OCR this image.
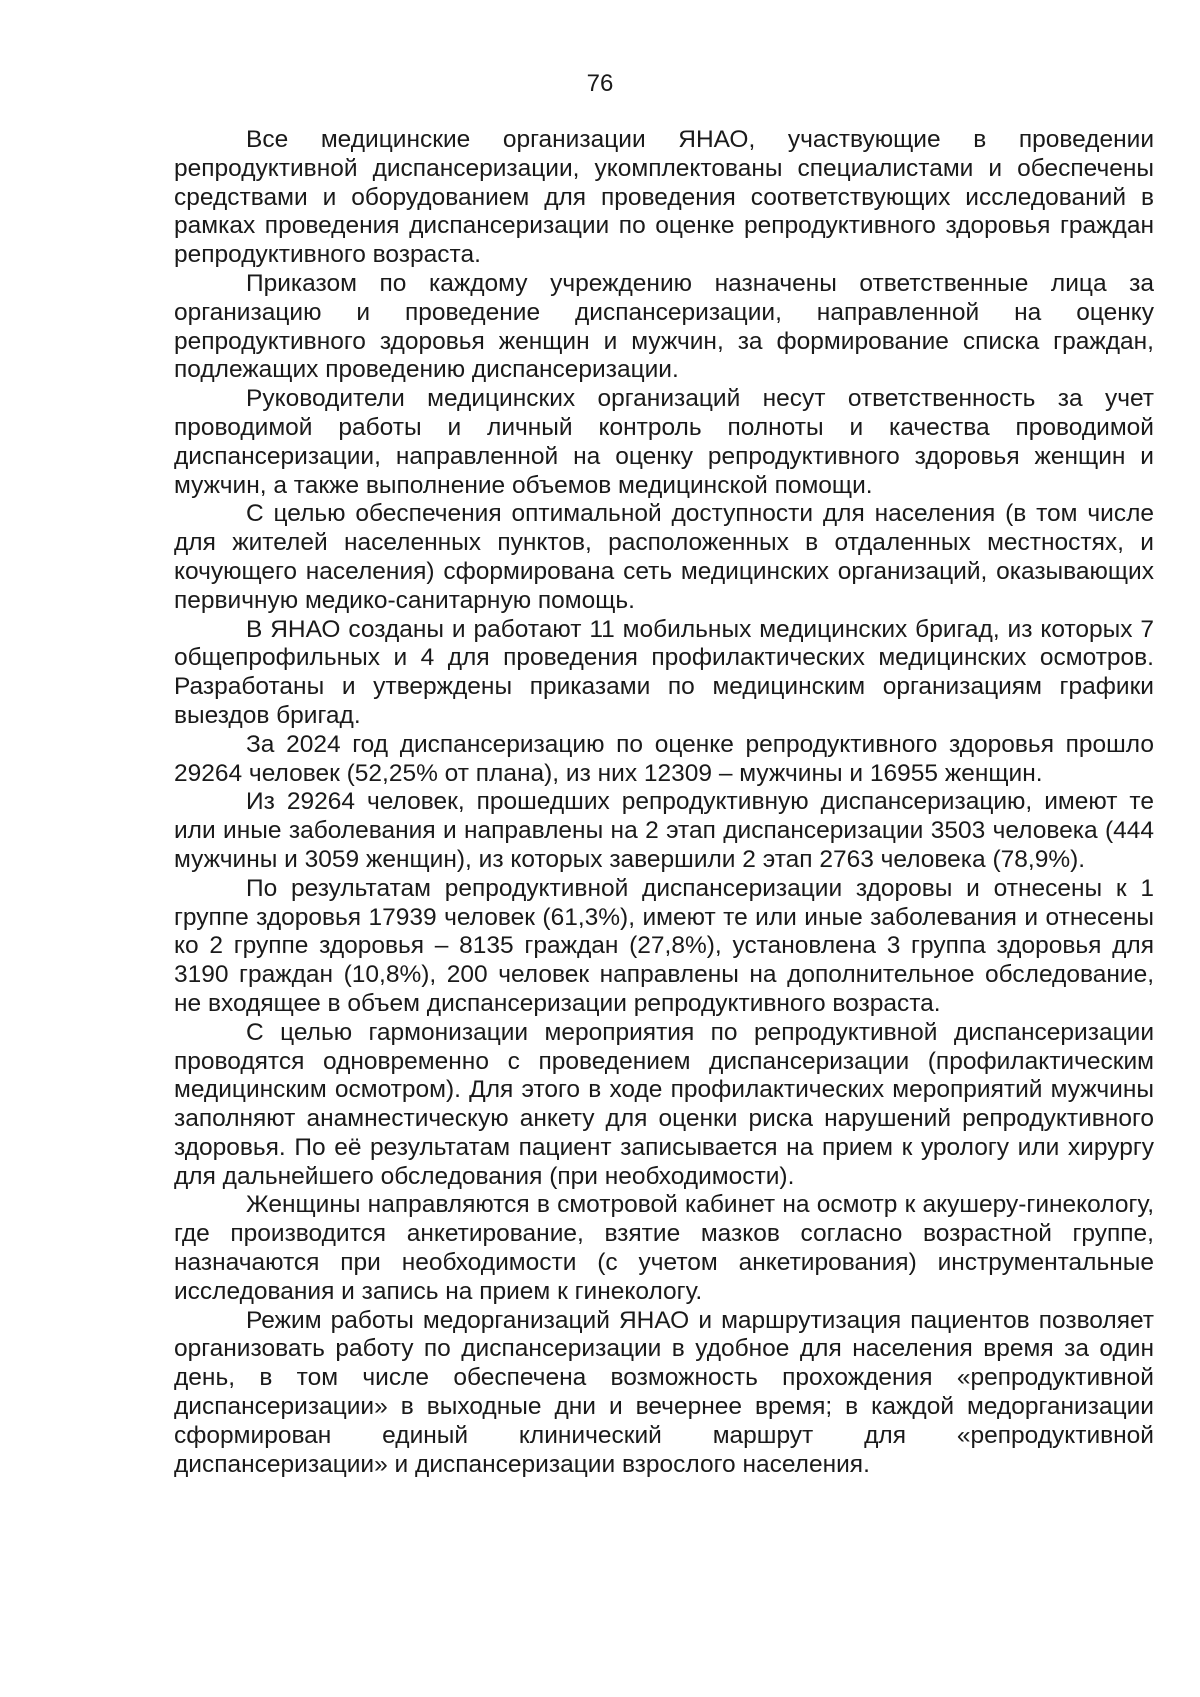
76

Все медицинские организации ЯНАО, участвующие в проведении репродуктивной диспансеризации, укомплектованы специалистами и обеспечены средствами и оборудованием для проведения соответствующих исследований в рамках проведения диспансеризации по оценке репродуктивного здоровья граждан репродуктивного возраста.

Приказом по каждому учреждению назначены ответственные лица за организацию и проведение диспансеризации, направленной на оценку репродуктивного здоровья женщин и мужчин, за формирование списка граждан, подлежащих проведению диспансеризации.

Руководители медицинских организаций несут ответственность за учет проводимой работы и личный контроль полноты и качества проводимой диспансеризации, направленной на оценку репродуктивного здоровья женщин и мужчин, а также выполнение объемов медицинской помощи.

С целью обеспечения оптимальной доступности для населения (в том числе для жителей населенных пунктов, расположенных в отдаленных местностях, и кочующего населения) сформирована сеть медицинских организаций, оказывающих первичную медико-санитарную помощь.

В ЯНАО созданы и работают 11 мобильных медицинских бригад, из которых 7 общепрофильных и 4 для проведения профилактических медицинских осмотров. Разработаны и утверждены приказами по медицинским организациям графики выездов бригад.

За 2024 год диспансеризацию по оценке репродуктивного здоровья прошло 29264 человек (52,25% от плана), из них 12309 – мужчины и 16955 женщин.

Из 29264 человек, прошедших репродуктивную диспансеризацию, имеют те или иные заболевания и направлены на 2 этап диспансеризации 3503 человека (444 мужчины и 3059 женщин), из которых завершили 2 этап 2763 человека (78,9%).

По результатам репродуктивной диспансеризации здоровы и отнесены к 1 группе здоровья 17939 человек (61,3%), имеют те или иные заболевания и отнесены ко 2 группе здоровья – 8135 граждан (27,8%), установлена 3 группа здоровья для 3190 граждан (10,8%), 200 человек направлены на дополнительное обследование, не входящее в объем диспансеризации репродуктивного возраста.

С целью гармонизации мероприятия по репродуктивной диспансеризации проводятся одновременно с проведением диспансеризации (профилактическим медицинским осмотром). Для этого в ходе профилактических мероприятий мужчины заполняют анамнестическую анкету для оценки риска нарушений репродуктивного здоровья. По её результатам пациент записывается на прием к урологу или хирургу для дальнейшего обследования (при необходимости).

Женщины направляются в смотровой кабинет на осмотр к акушеру-гинекологу, где производится анкетирование, взятие мазков согласно возрастной группе, назначаются при необходимости (с учетом анкетирования) инструментальные исследования и запись на прием к гинекологу.

Режим работы медорганизаций ЯНАО и маршрутизация пациентов позволяет организовать работу по диспансеризации в удобное для населения время за один день, в том числе обеспечена возможность прохождения «репродуктивной диспансеризации» в выходные дни и вечернее время; в каждой медорганизации сформирован единый клинический маршрут для «репродуктивной диспансеризации» и диспансеризации взрослого населения.
